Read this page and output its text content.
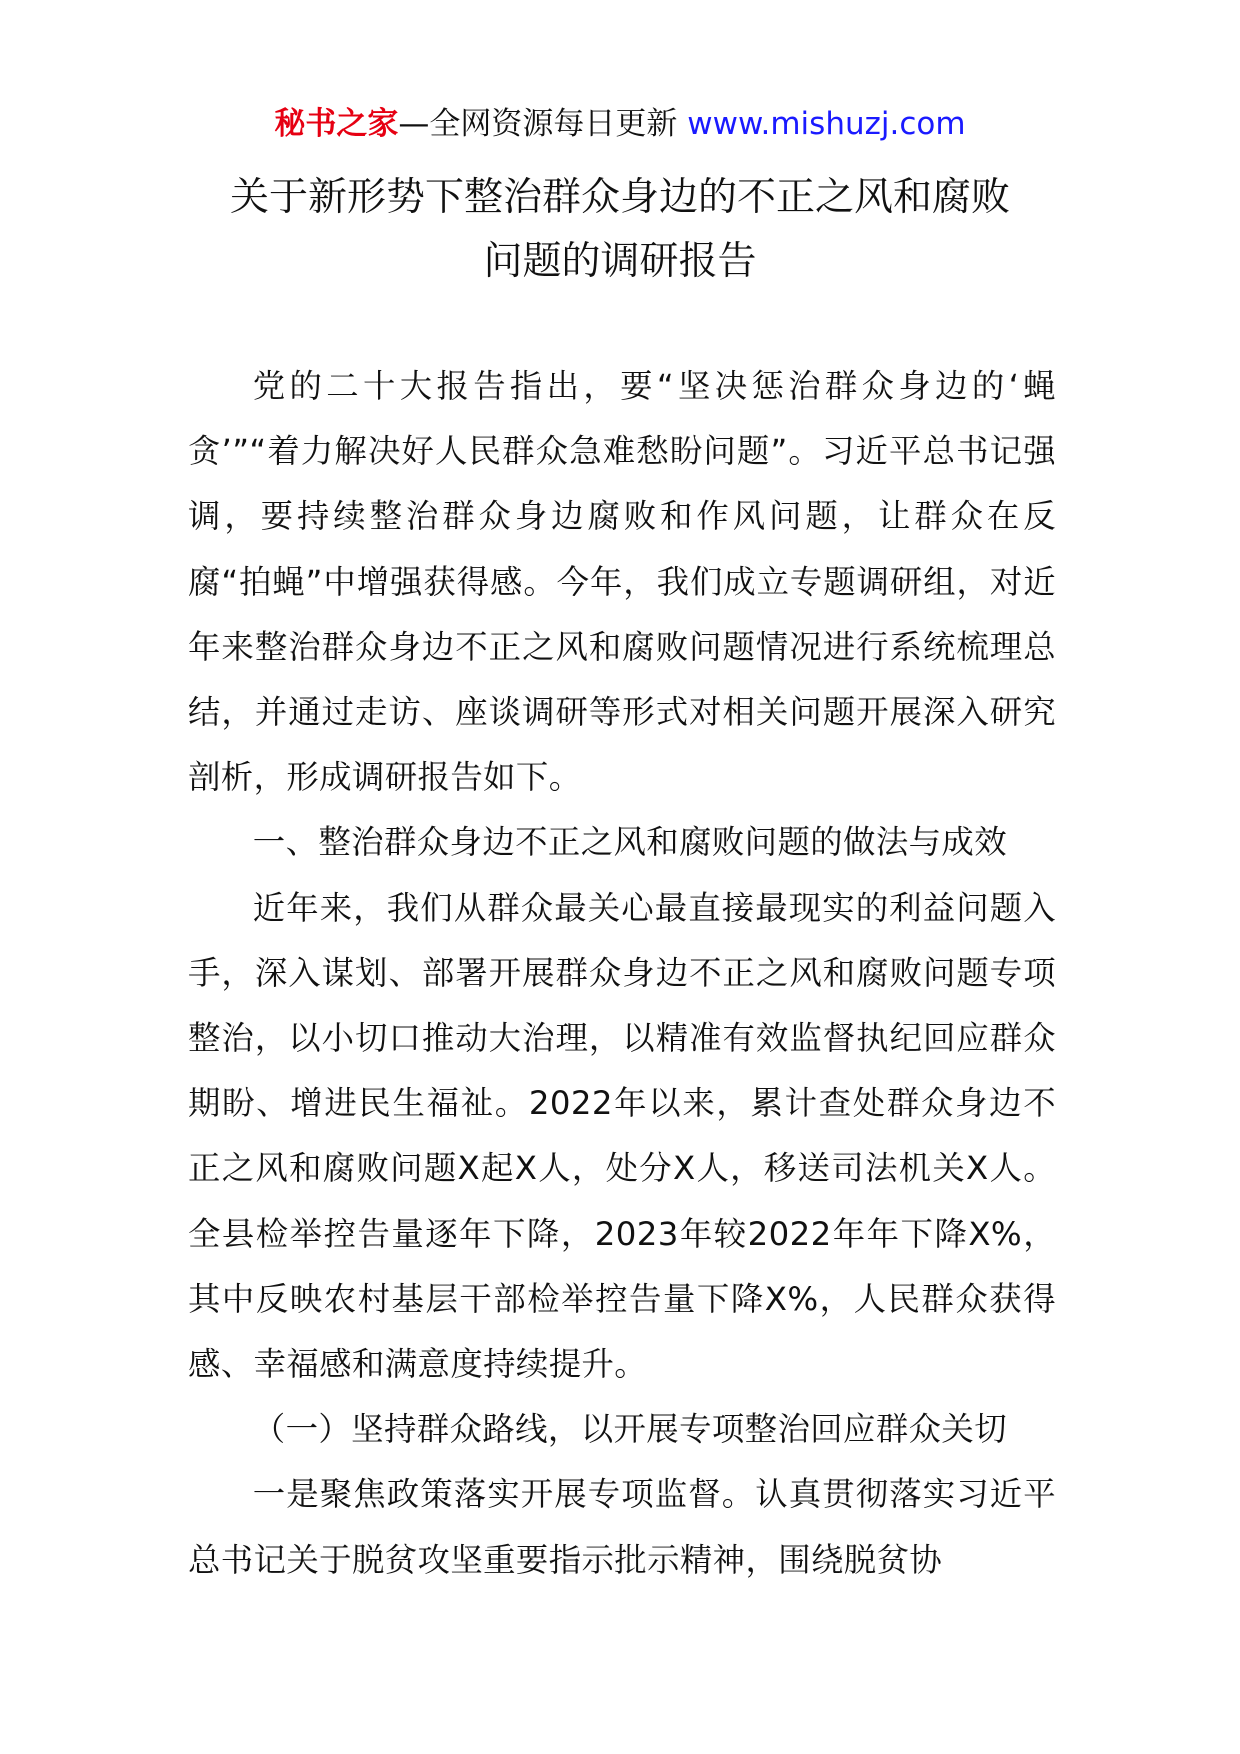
秘书之家—全网资源每日更新 www.mishuzj.com
关于新形势下整治群众身边的不正之风和腐败
问题的调研报告

党的二十大报告指出，要“坚决惩治群众身边的‘蝇贪’”“着力解决好人民群众急难愁盼问题”。习近平总书记强调，要持续整治群众身边腐败和作风问题，让群众在反腐“拍蝇”中增强获得感。今年，我们成立专题调研组，对近年来整治群众身边不正之风和腐败问题情况进行系统梳理总结，并通过走访、座谈调研等形式对相关问题开展深入研究剖析，形成调研报告如下。

一、整治群众身边不正之风和腐败问题的做法与成效

近年来，我们从群众最关心最直接最现实的利益问题入手，深入谋划、部署开展群众身边不正之风和腐败问题专项整治，以小切口推动大治理，以精准有效监督执纪回应群众期盼、增进民生福祉。2022年以来，累计查处群众身边不正之风和腐败问题X起X人，处分X人，移送司法机关X人。全县检举控告量逐年下降，2023年较2022年年下降X%，其中反映农村基层干部检举控告量下降X%，人民群众获得感、幸福感和满意度持续提升。

（一）坚持群众路线，以开展专项整治回应群众关切

一是聚焦政策落实开展专项监督。认真贯彻落实习近平总书记关于脱贫攻坚重要指示批示精神，围绕脱贫协
